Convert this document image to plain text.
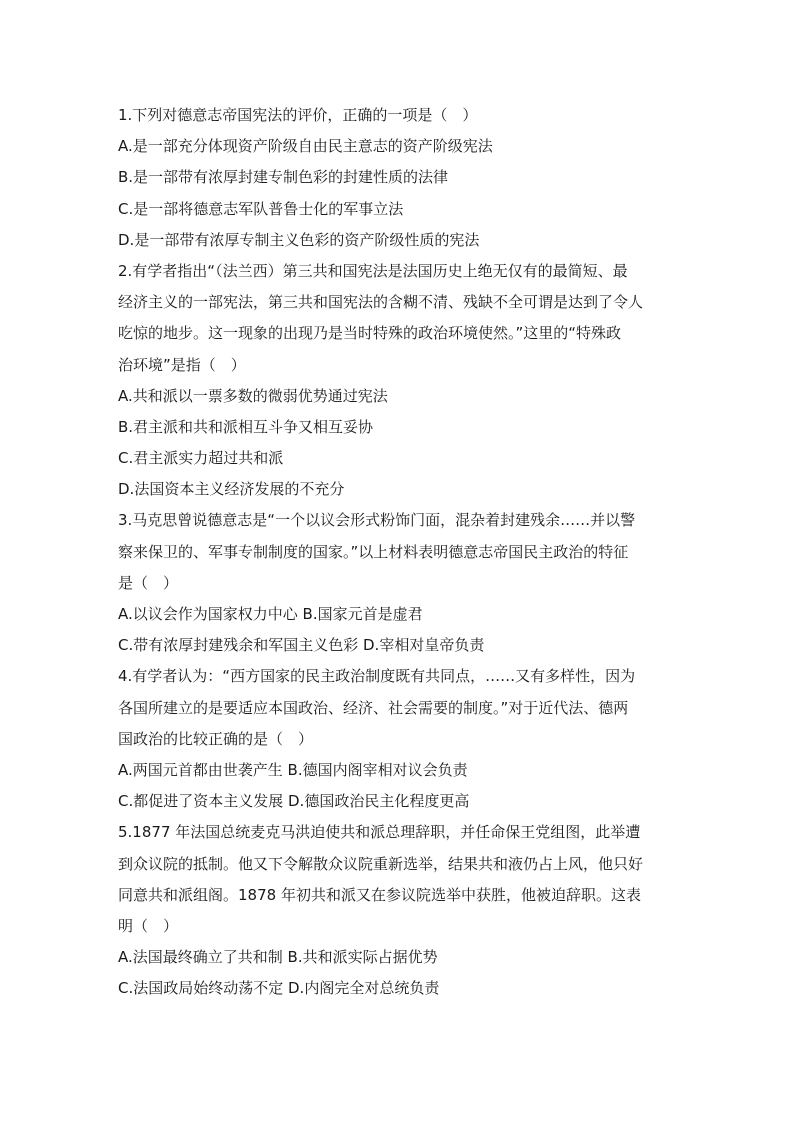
1.下列对德意志帝国宪法的评价，正确的一项是（　）
A.是一部充分体现资产阶级自由民主意志的资产阶级宪法
B.是一部带有浓厚封建专制色彩的封建性质的法律
C.是一部将德意志军队普鲁士化的军事立法
D.是一部带有浓厚专制主义色彩的资产阶级性质的宪法
2.有学者指出“（法兰西）第三共和国宪法是法国历史上绝无仅有的最简短、最
经济主义的一部宪法，第三共和国宪法的含糊不清、残缺不全可谓是达到了令人
吃惊的地步。这一现象的出现乃是当时特殊的政治环境使然。”这里的“特殊政
治环境”是指（　）
A.共和派以一票多数的微弱优势通过宪法
B.君主派和共和派相互斗争又相互妥协
C.君主派实力超过共和派
D.法国资本主义经济发展的不充分
3.马克思曾说德意志是“一个以议会形式粉饰门面，混杂着封建残余……并以警
察来保卫的、军事专制制度的国家。”以上材料表明德意志帝国民主政治的特征
是（　）
A.以议会作为国家权力中心 B.国家元首是虚君
C.带有浓厚封建残余和军国主义色彩 D.宰相对皇帝负责
4.有学者认为：“西方国家的民主政治制度既有共同点，……又有多样性，因为
各国所建立的是要适应本国政治、经济、社会需要的制度。”对于近代法、德两
国政治的比较正确的是（　）
A.两国元首都由世袭产生 B.德国内阁宰相对议会负责
C.都促进了资本主义发展 D.德国政治民主化程度更高
5.1877 年法国总统麦克马洪迫使共和派总理辞职，并任命保王党组图，此举遭
到众议院的抵制。他又下令解散众议院重新选举，结果共和液仍占上风，他只好
同意共和派组阁。1878 年初共和派又在参议院选举中获胜，他被迫辞职。这表
明（　）
A.法国最终确立了共和制 B.共和派实际占据优势
C.法国政局始终动荡不定 D.内阁完全对总统负责
